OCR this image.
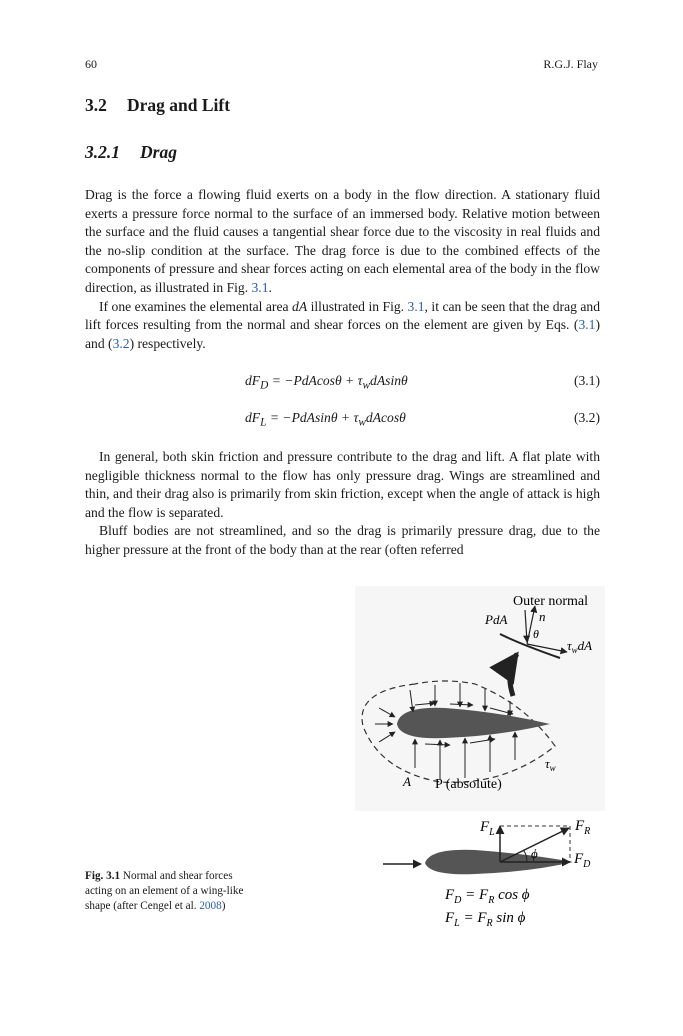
60	R.G.J. Flay
3.2 Drag and Lift
3.2.1 Drag

Drag is the force a flowing fluid exerts on a body in the flow direction. A stationary fluid exerts a pressure force normal to the surface of an immersed body. Relative motion between the surface and the fluid causes a tangential shear force due to the viscosity in real fluids and the no-slip condition at the surface. The drag force is due to the combined effects of the components of pressure and shear forces acting on each elemental area of the body in the flow direction, as illustrated in Fig. 3.1.

If one examines the elemental area dA illustrated in Fig. 3.1, it can be seen that the drag and lift forces resulting from the normal and shear forces on the element are given by Eqs. (3.1) and (3.2) respectively.

$dF_D = -PdAcos\theta + \tau_wdAsin\theta$	(3.1)
$dF_L = -PdAsin\theta + \tau_wdAcos\theta$	(3.2)

In general, both skin friction and pressure contribute to the drag and lift. A flat plate with negligible thickness normal to the flow has only pressure drag. Wings are streamlined and thin, and their drag also is primarily from skin friction, except when the angle of attack is high and the flow is separated.

Bluff bodies are not streamlined, and so the drag is primarily pressure drag, due to the higher pressure at the front of the body than at the rear (often referred

Outer normal
n
PdA
θ
$\tau_wdA$
$\tau_w$
A P (absolute)
$F_L$	$F_R$
$F_D$
ϕ
$F_D = F_R$ cos ϕ
$F_L = F_R$ sin ϕ
Fig. 3.1 Normal and shear forces acting on an element of a wing-like shape (after Cengel et al. 2008)
